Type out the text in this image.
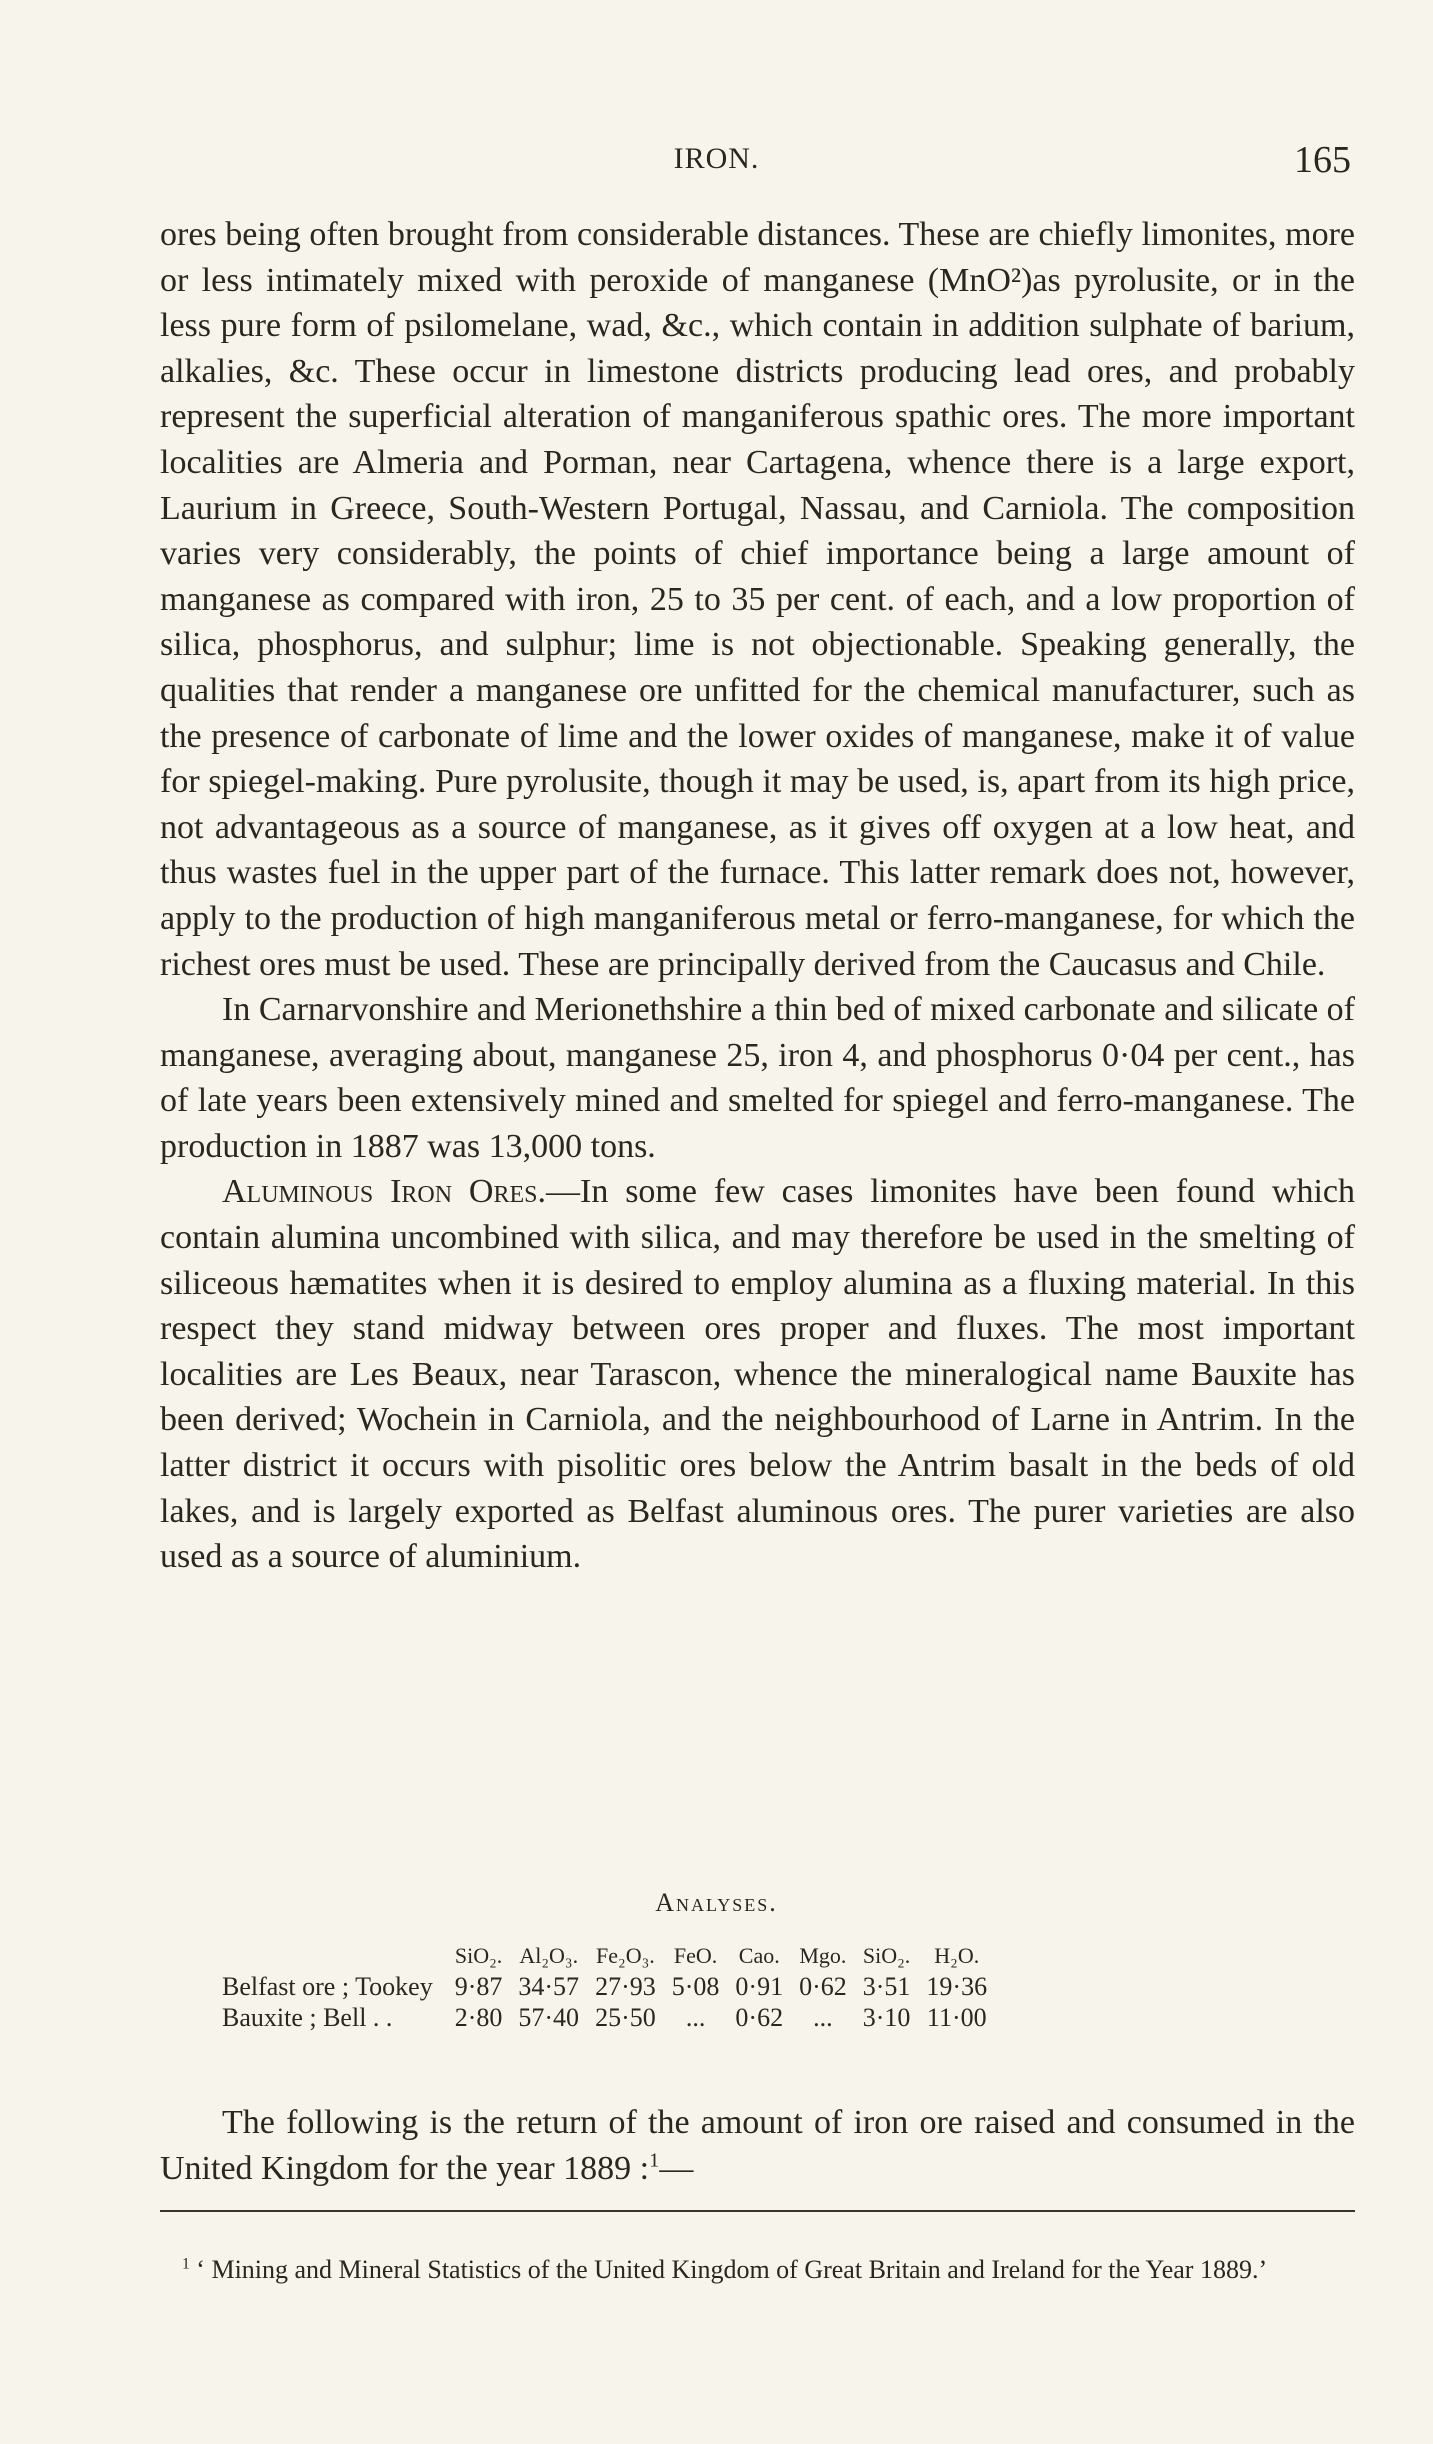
IRON.	165

ores being often brought from considerable distances. These are chiefly limonites, more or less intimately mixed with peroxide of manganese (MnO²)as pyrolusite, or in the less pure form of psilomelane, wad, &c., which contain in addition sulphate of barium, alkalies, &c. These occur in limestone districts producing lead ores, and probably represent the superficial alteration of manganiferous spathic ores. The more important localities are Almeria and Porman, near Cartagena, whence there is a large export, Laurium in Greece, South-Western Portugal, Nassau, and Carniola. The composition varies very considerably, the points of chief importance being a large amount of manganese as compared with iron, 25 to 35 per cent. of each, and a low proportion of silica, phosphorus, and sulphur; lime is not objectionable. Speaking generally, the qualities that render a manganese ore unfitted for the chemical manufacturer, such as the presence of carbonate of lime and the lower oxides of manganese, make it of value for spiegel-making. Pure pyrolusite, though it may be used, is, apart from its high price, not advantageous as a source of manganese, as it gives off oxygen at a low heat, and thus wastes fuel in the upper part of the furnace. This latter remark does not, however, apply to the production of high manganiferous metal or ferro-manganese, for which the richest ores must be used. These are principally derived from the Caucasus and Chile.

In Carnarvonshire and Merionethshire a thin bed of mixed carbonate and silicate of manganese, averaging about, manganese 25, iron 4, and phosphorus 0·04 per cent., has of late years been extensively mined and smelted for spiegel and ferro-manganese. The production in 1887 was 13,000 tons.

Aluminous Iron Ores.—In some few cases limonites have been found which contain alumina uncombined with silica, and may therefore be used in the smelting of siliceous hæmatites when it is desired to employ alumina as a fluxing material. In this respect they stand midway between ores proper and fluxes. The most important localities are Les Beaux, near Tarascon, whence the mineralogical name Bauxite has been derived; Wochein in Carniola, and the neighbourhood of Larne in Antrim. In the latter district it occurs with pisolitic ores below the Antrim basalt in the beds of old lakes, and is largely exported as Belfast aluminous ores. The purer varieties are also used as a source of aluminium.

Analyses.
	SiO₂.	Al₂O₃.	Fe₂O₃.	FeO.	Cao.	Mgo.	SiO₂.	H₂O.
Belfast ore ; Tookey	9·87	34·57	27·93	5·08	0·91	0·62	3·51	19·36
Bauxite ; Bell . .	2·80	57·40	25·50	...	0·62	...	3·10	11·00

The following is the return of the amount of iron ore raised and consumed in the United Kingdom for the year 1889 :$^1$—

$^1$ ‘ Mining and Mineral Statistics of the United Kingdom of Great Britain and Ireland for the Year 1889.’
